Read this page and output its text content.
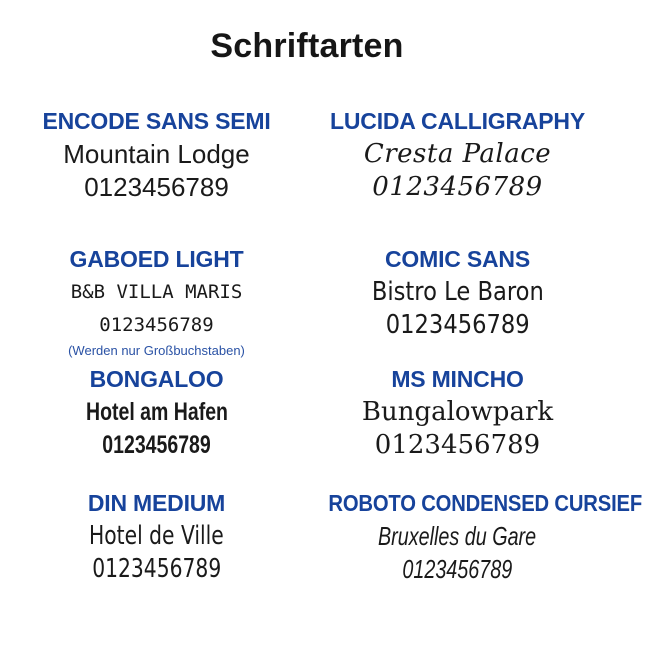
Schriftarten
ENCODE SANS SEMI
Mountain Lodge
0123456789
LUCIDA CALLIGRAPHY
Cresta Palace
0123456789
GABOED LIGHT
B&B VILLA MARIS
0123456789
(Werden nur Großbuchstaben)
COMIC SANS
Bistro Le Baron
0123456789
BONGALOO
Hotel am Hafen
0123456789
MS MINCHO
Bungalowpark
0123456789
DIN MEDIUM
Hotel de Ville
0123456789
ROBOTO CONDENSED CURSIEF
Bruxelles du Gare
0123456789
